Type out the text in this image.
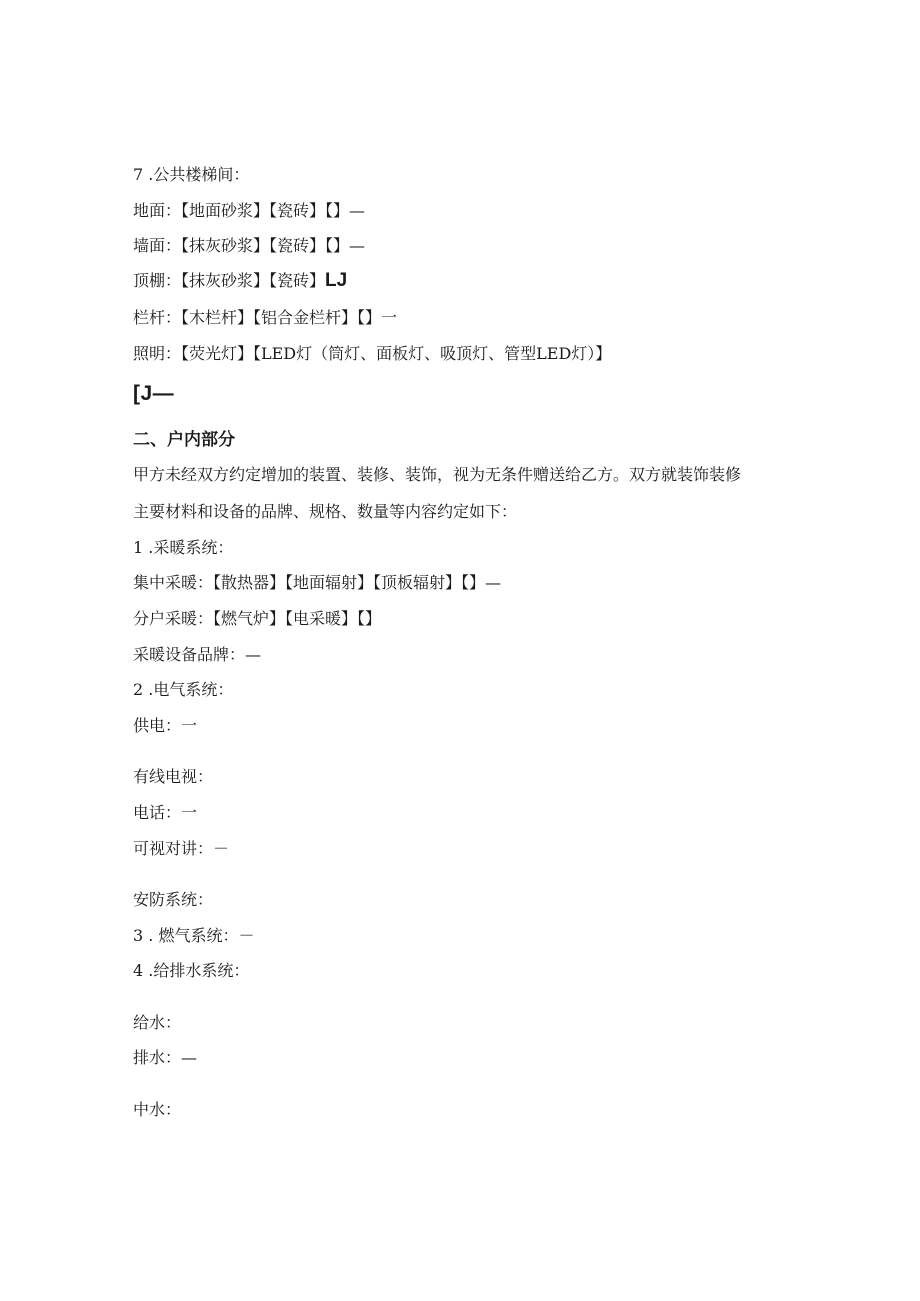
7 .公共楼梯间：
地面：【地面砂浆】【瓷砖】【】—
墙面：【抹灰砂浆】【瓷砖】【】—
顶棚：【抹灰砂浆】【瓷砖】LJ
栏杆：【木栏杆】【铝合金栏杆】【】一
照明：【荧光灯】【LED灯（筒灯、面板灯、吸顶灯、管型LED灯）】
[J—
二、户内部分
甲方未经双方约定增加的装置、装修、装饰，视为无条件赠送给乙方。双方就装饰装修
主要材料和设备的品牌、规格、数量等内容约定如下：
1 .采暖系统：
集中采暖：【散热器】【地面辐射】【顶板辐射】【】—
分户采暖：【燃气炉】【电采暖】【】
采暖设备品牌：—
2 .电气系统：
供电：一
有线电视：
电话：一
可视对讲：－
安防系统：
3 . 燃气系统：－
4 .给排水系统：
给水：
排水：—
中水：
